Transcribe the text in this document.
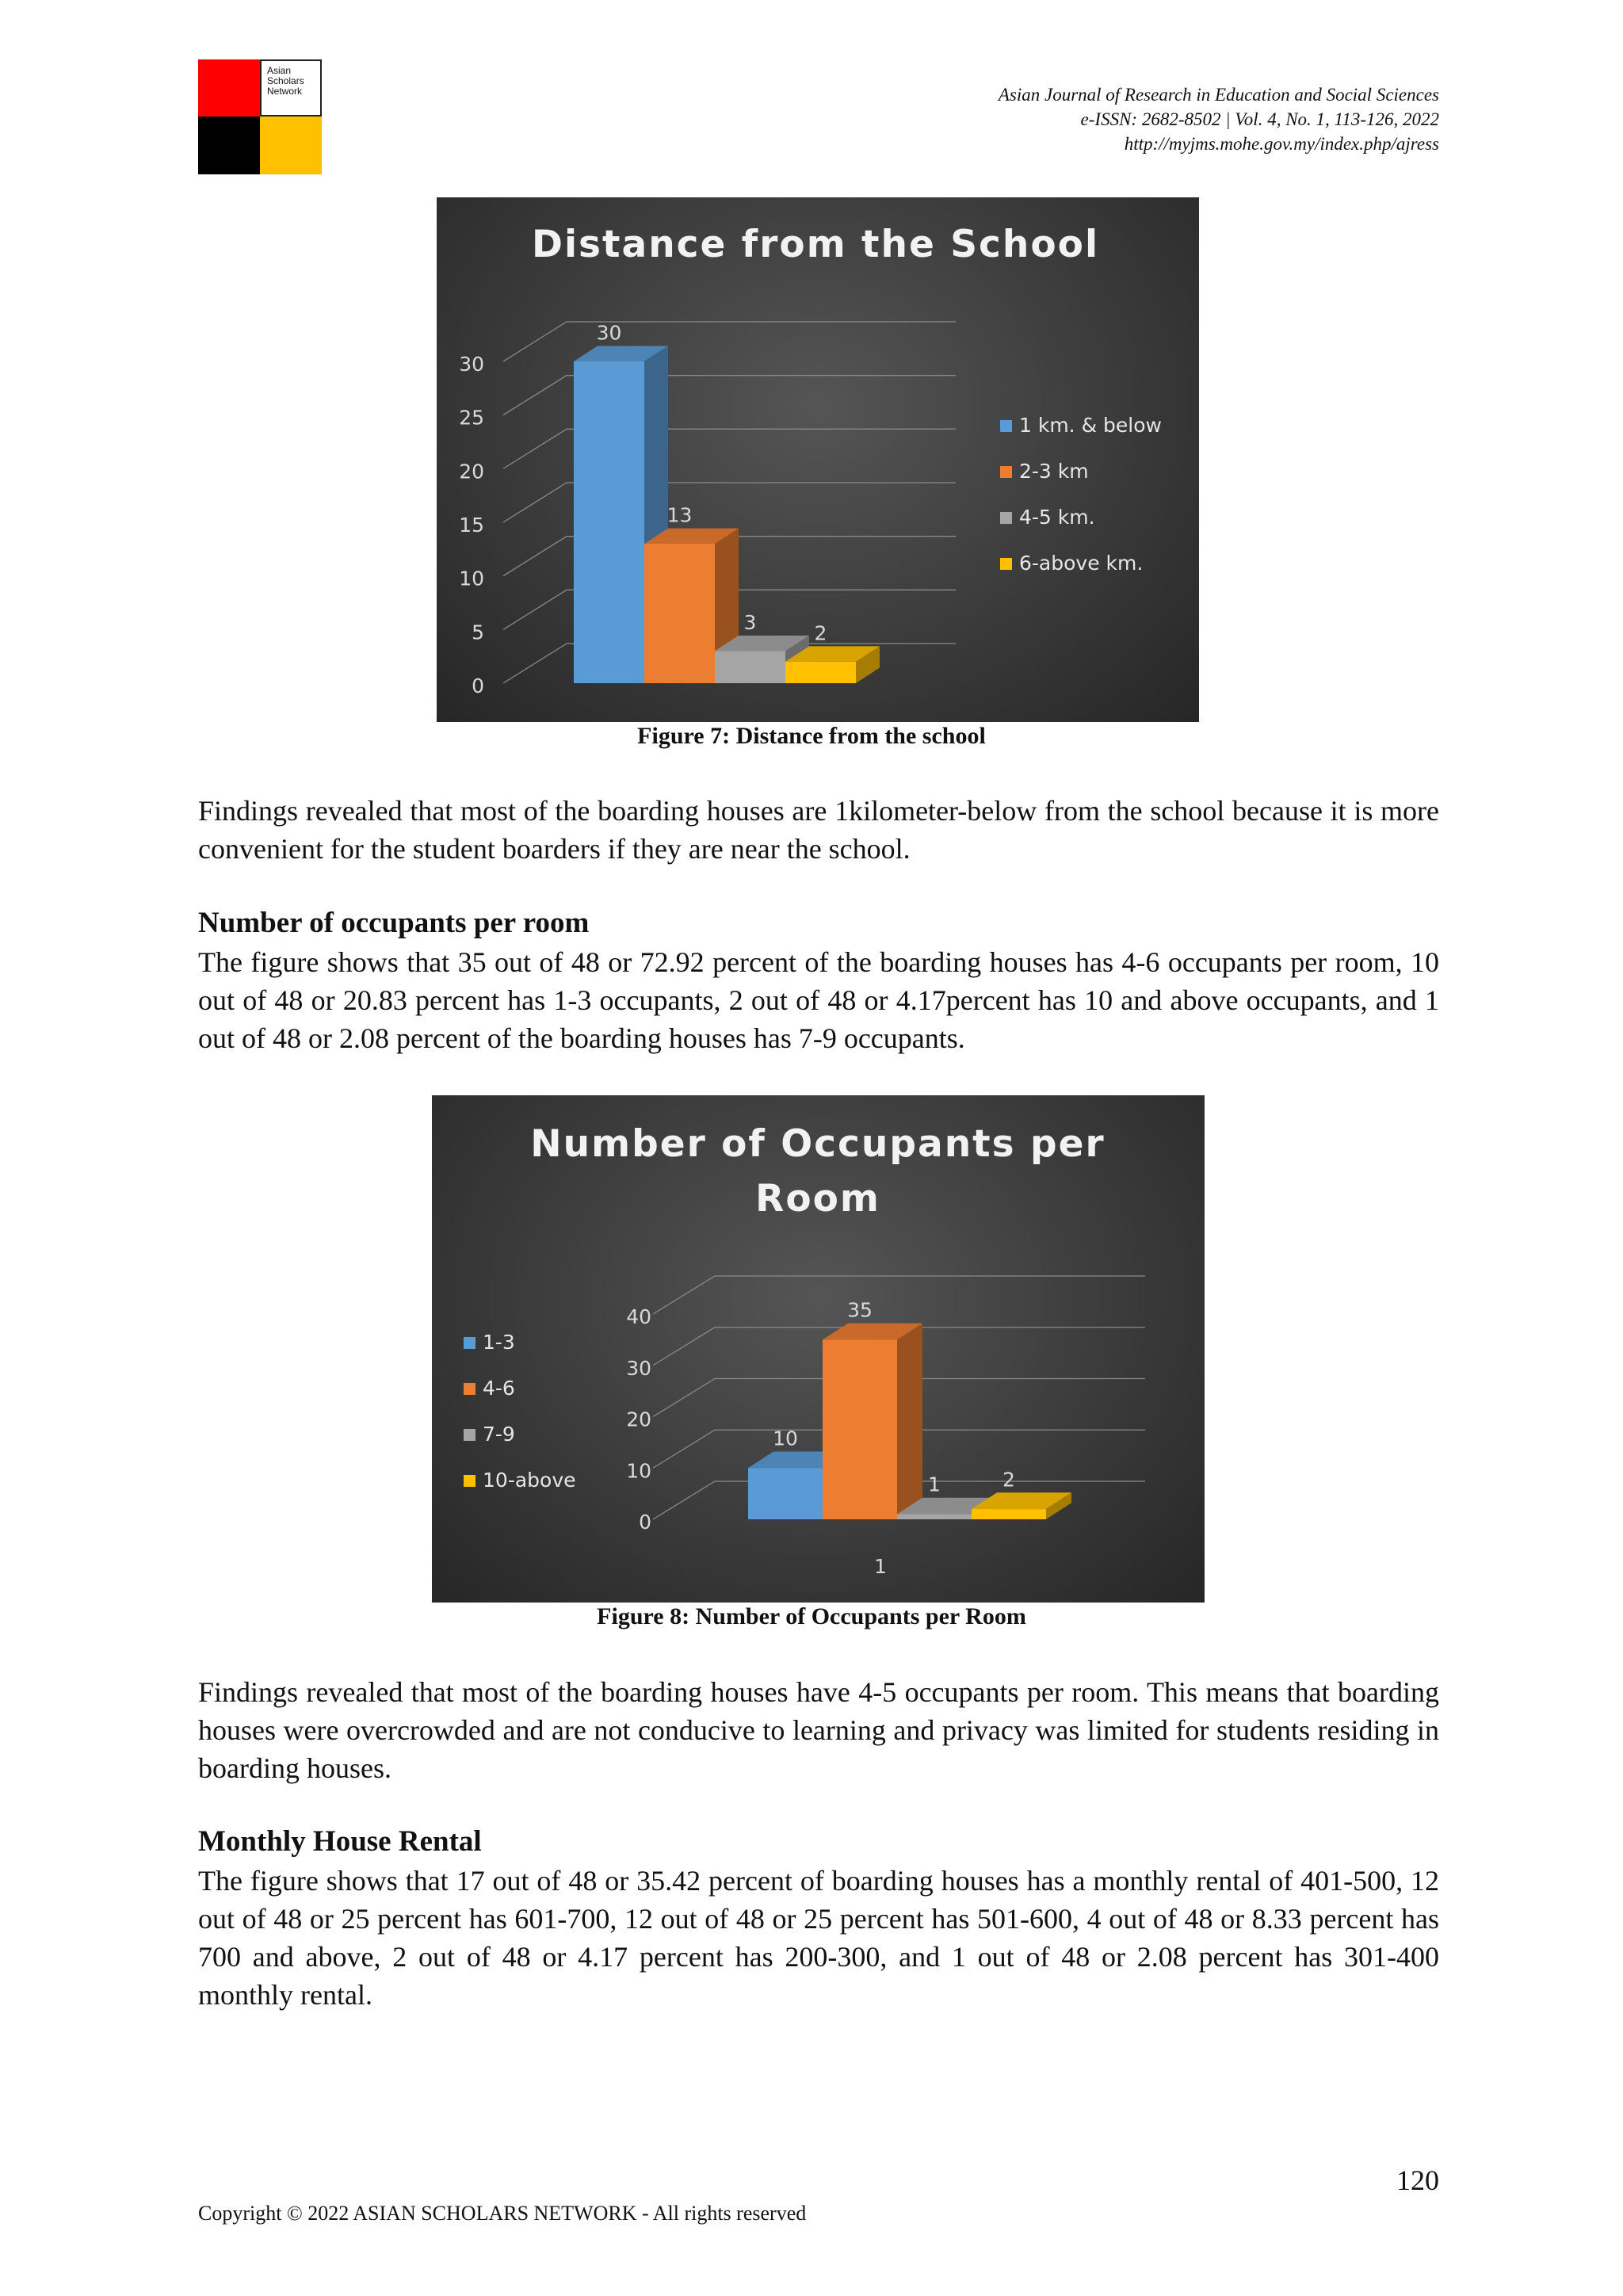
Asian
Scholars
Network	Asian Journal of Research in Education and Social Sciences
e-ISSN: 2682-8502 | Vol. 4, No. 1, 113-126, 2022
http://myjms.mohe.gov.my/index.php/ajress
Distance from the School
0
5
10
15
20
25
30
30
13
3	2
1 km. & below
2-3 km
4-5 km.
6-above km.
Figure 7: Distance from the school
Findings revealed that most of the boarding houses are 1kilometer-below from the school because it is more convenient for the student boarders if they are near the school.
Number of occupants per room
The figure shows that 35 out of 48 or 72.92 percent of the boarding houses has 4-6 occupants per room, 10 out of 48 or 20.83 percent has 1-3 occupants, 2 out of 48 or 4.17percent has 10 and above occupants, and 1 out of 48 or 2.08 percent of the boarding houses has 7-9 occupants.
Number of Occupants per
Room
0
10
20
30
40
10
35
1	2
1
1-3
4-6
7-9
10-above
Figure 8: Number of Occupants per Room
Findings revealed that most of the boarding houses have 4-5 occupants per room. This means that boarding houses were overcrowded and are not conducive to learning and privacy was limited for students residing in boarding houses.
Monthly House Rental
The figure shows that 17 out of 48 or 35.42 percent of boarding houses has a monthly rental of 401-500, 12 out of 48 or 25 percent has 601-700, 12 out of 48 or 25 percent has 501-600, 4 out of 48 or 8.33 percent has 700 and above, 2 out of 48 or 4.17 percent has 200-300, and 1 out of 48 or 2.08 percent has 301-400 monthly rental.
120
Copyright © 2022 ASIAN SCHOLARS NETWORK - All rights reserved
